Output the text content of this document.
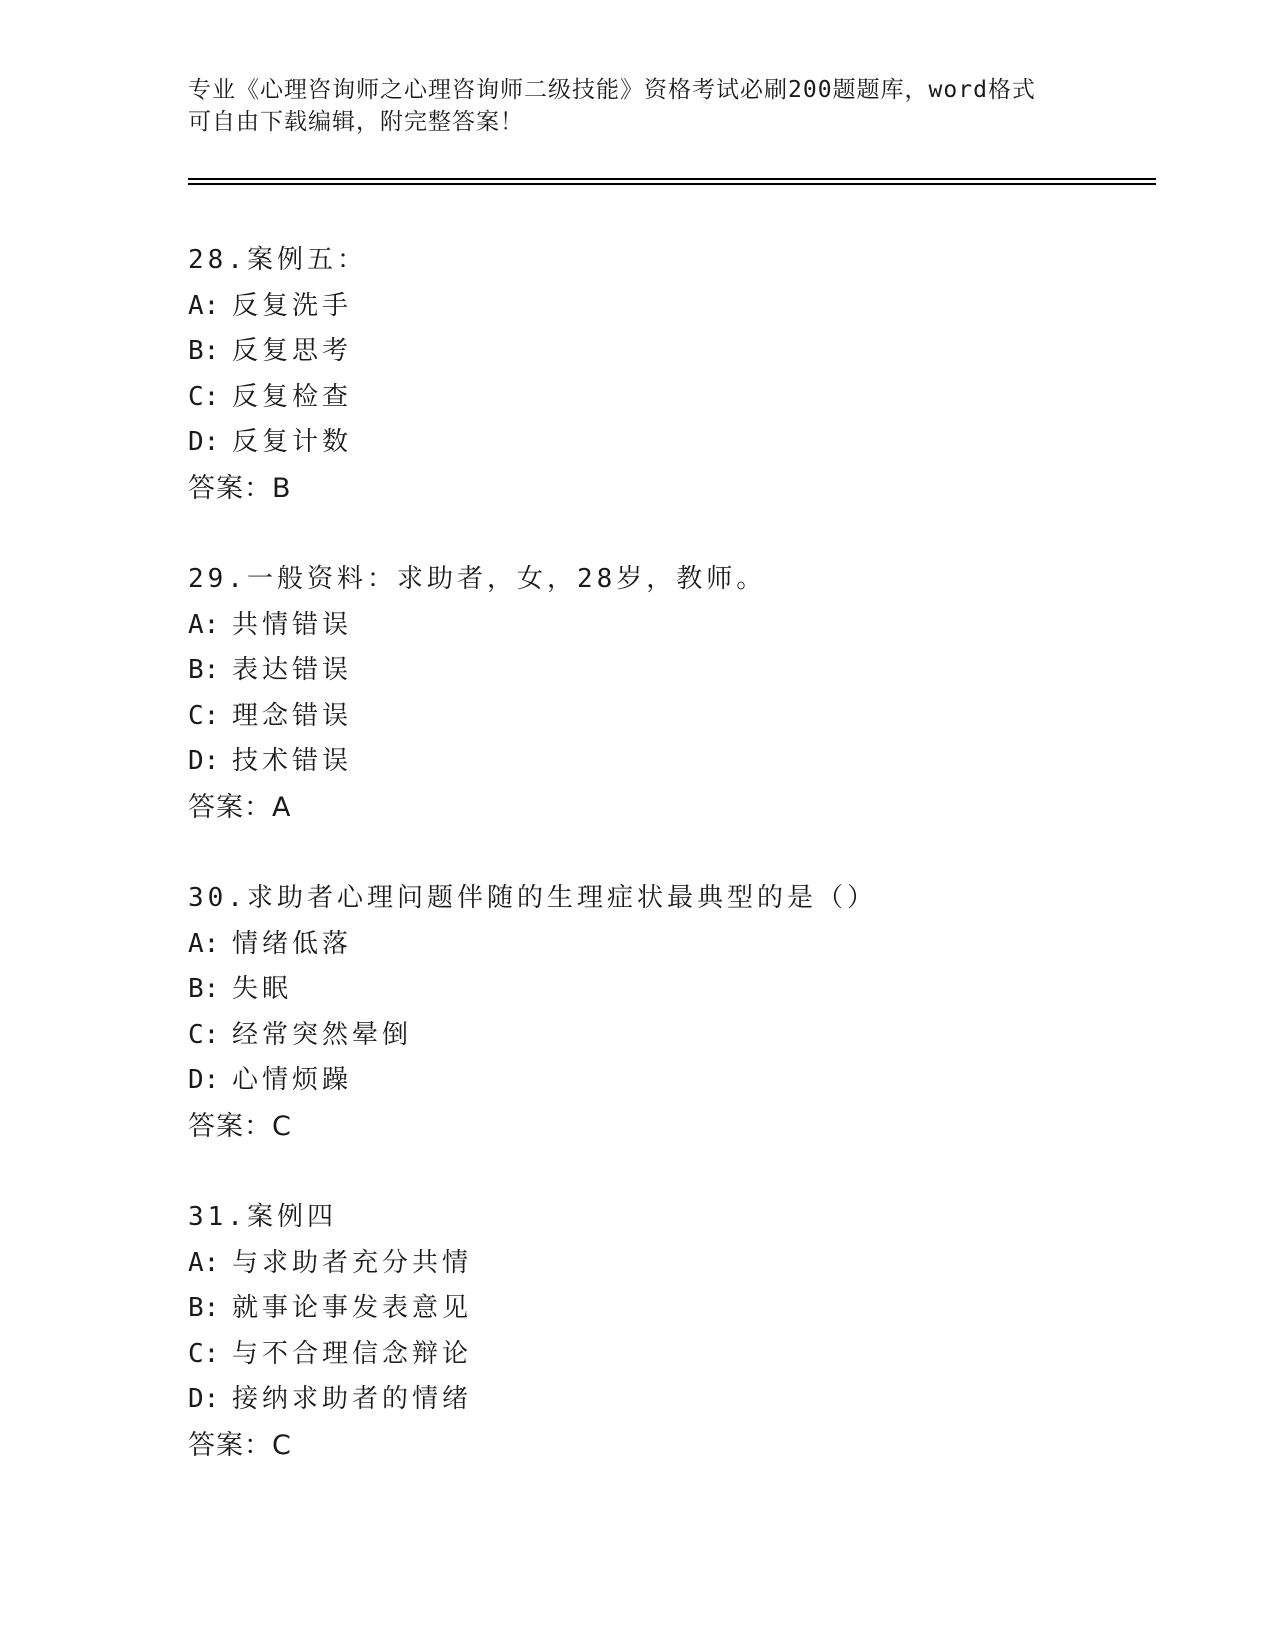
专业《心理咨询师之心理咨询师二级技能》资格考试必刷200题题库，word格式
可自由下载编辑，附完整答案！
28.案例五：
A: 反复洗手
B: 反复思考
C: 反复检查
D: 反复计数
答案：B
29.一般资料：求助者，女，28岁，教师。
A: 共情错误
B: 表达错误
C: 理念错误
D: 技术错误
答案：A
30.求助者心理问题伴随的生理症状最典型的是（）
A: 情绪低落
B: 失眠
C: 经常突然晕倒
D: 心情烦躁
答案：C
31.案例四
A: 与求助者充分共情
B: 就事论事发表意见
C: 与不合理信念辩论
D: 接纳求助者的情绪
答案：C
